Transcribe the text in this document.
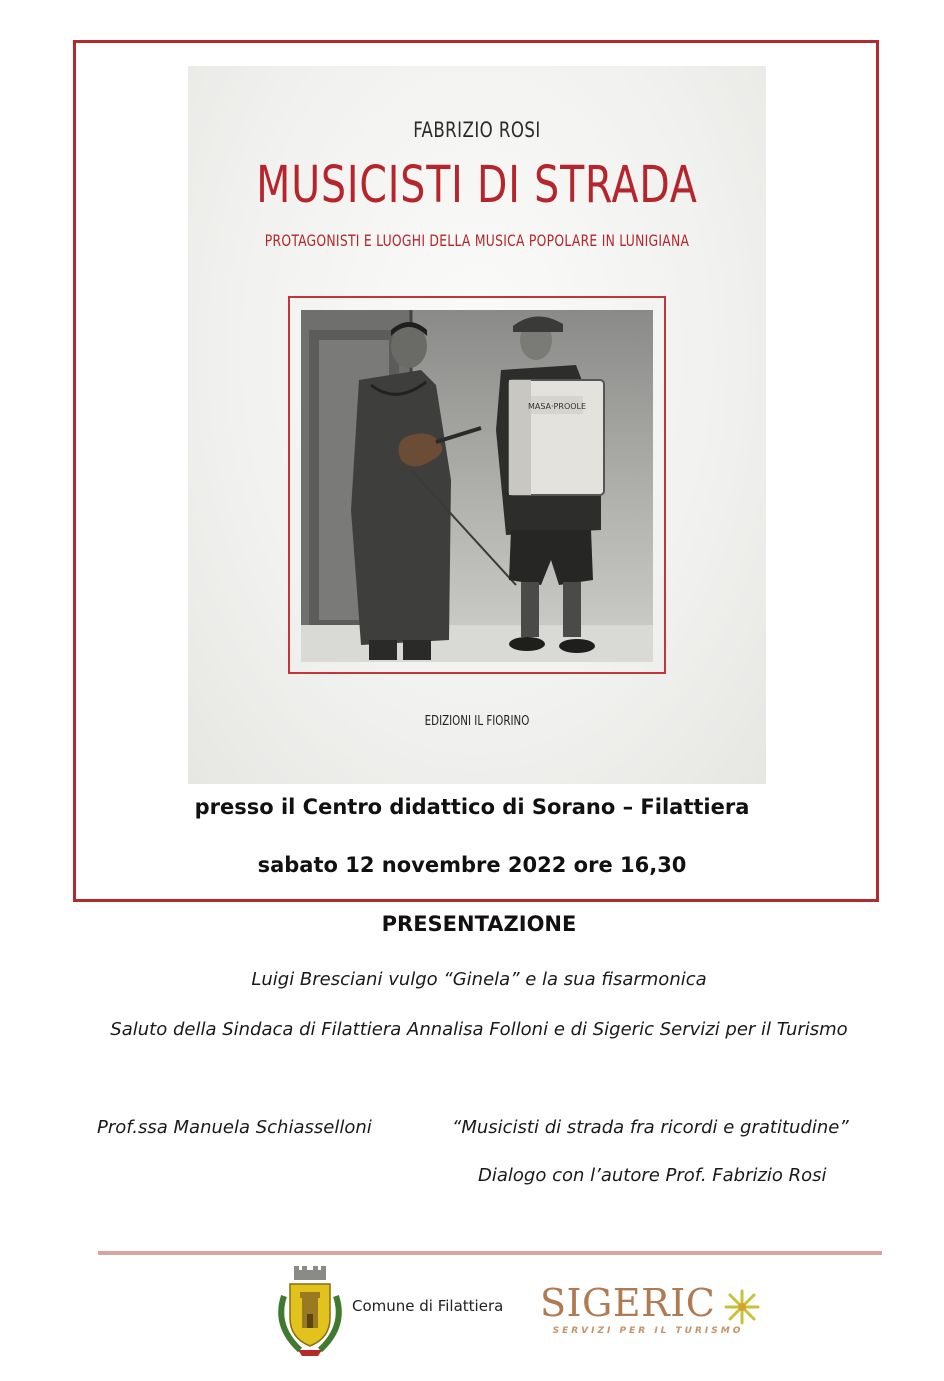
FABRIZIO ROSI
MUSICISTI DI STRADA
PROTAGONISTI E LUOGHI DELLA MUSICA POPOLARE IN LUNIGIANA
MASA·PROOLE
EDIZIONI IL FIORINO
presso il Centro didattico di Sorano – Filattiera
sabato 12 novembre 2022 ore 16,30
PRESENTAZIONE
Luigi Bresciani vulgo “Ginela” e la sua fisarmonica
Saluto della Sindaca di Filattiera Annalisa Folloni e di Sigeric Servizi per il Turismo
Prof.ssa Manuela Schiasselloni	“Musicisti di strada fra ricordi e gratitudine”
Dialogo con l’autore Prof. Fabrizio Rosi
Comune di Filattiera SIGERIC
SERVIZI PER IL TURISMO
